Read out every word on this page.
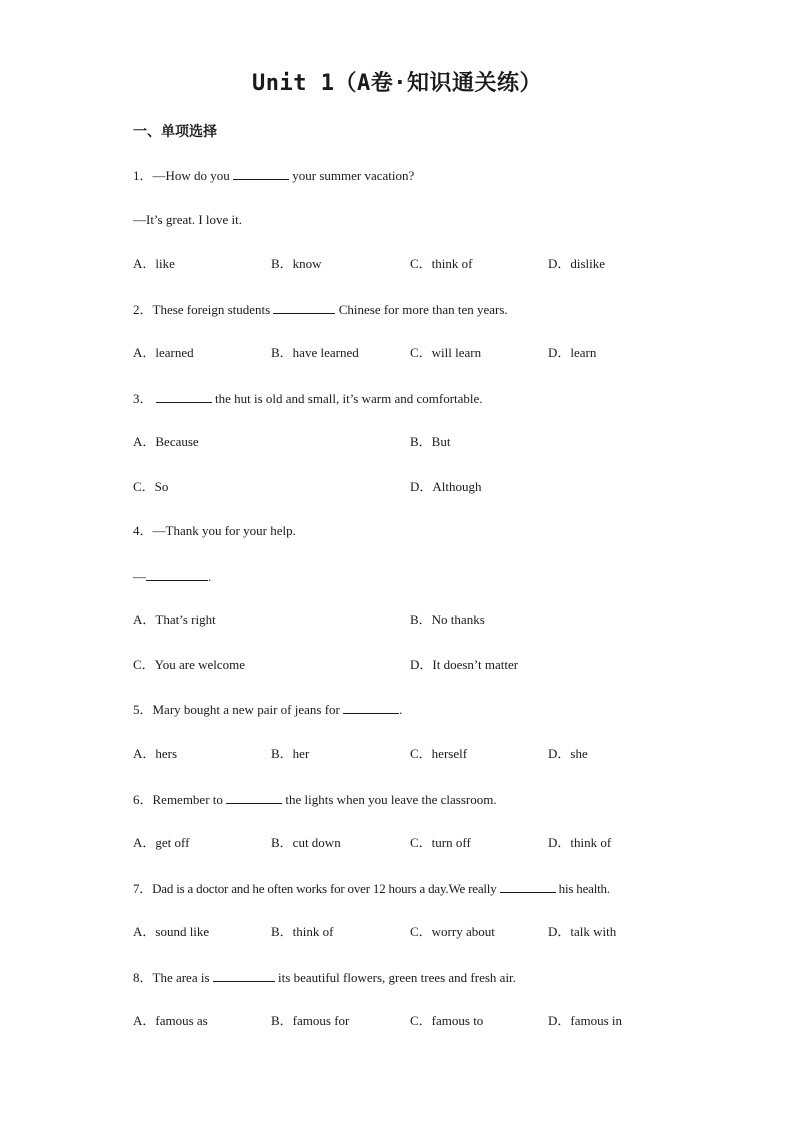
Unit 1（A卷·知识通关练）
一、单项选择
1．—How do you	your summer vacation?
—It’s great. I love it.
A．like	B．know	C．think of	D．dislike
2．These foreign students	Chinese for more than ten years.
A．learned	B．have learned	C．will learn	D．learn
3．	the hut is old and small, it’s warm and comfortable.
A．Because	B．But
C．So	D．Although
4．—Thank you for your help.
—	.
A．That’s right	B．No thanks
C．You are welcome	D．It doesn’t matter
5．Mary bought a new pair of jeans for	.
A．hers	B．her	C．herself	D．she
6．Remember to	the lights when you leave the classroom.
A．get off	B．cut down	C．turn off	D．think of
7．Dad is a doctor and he often works for over 12 hours a day.We really	his health.
A．sound like	B．think of	C．worry about	D．talk with
8．The area is	its beautiful flowers, green trees and fresh air.
A．famous as	B．famous for	C．famous to	D．famous in
